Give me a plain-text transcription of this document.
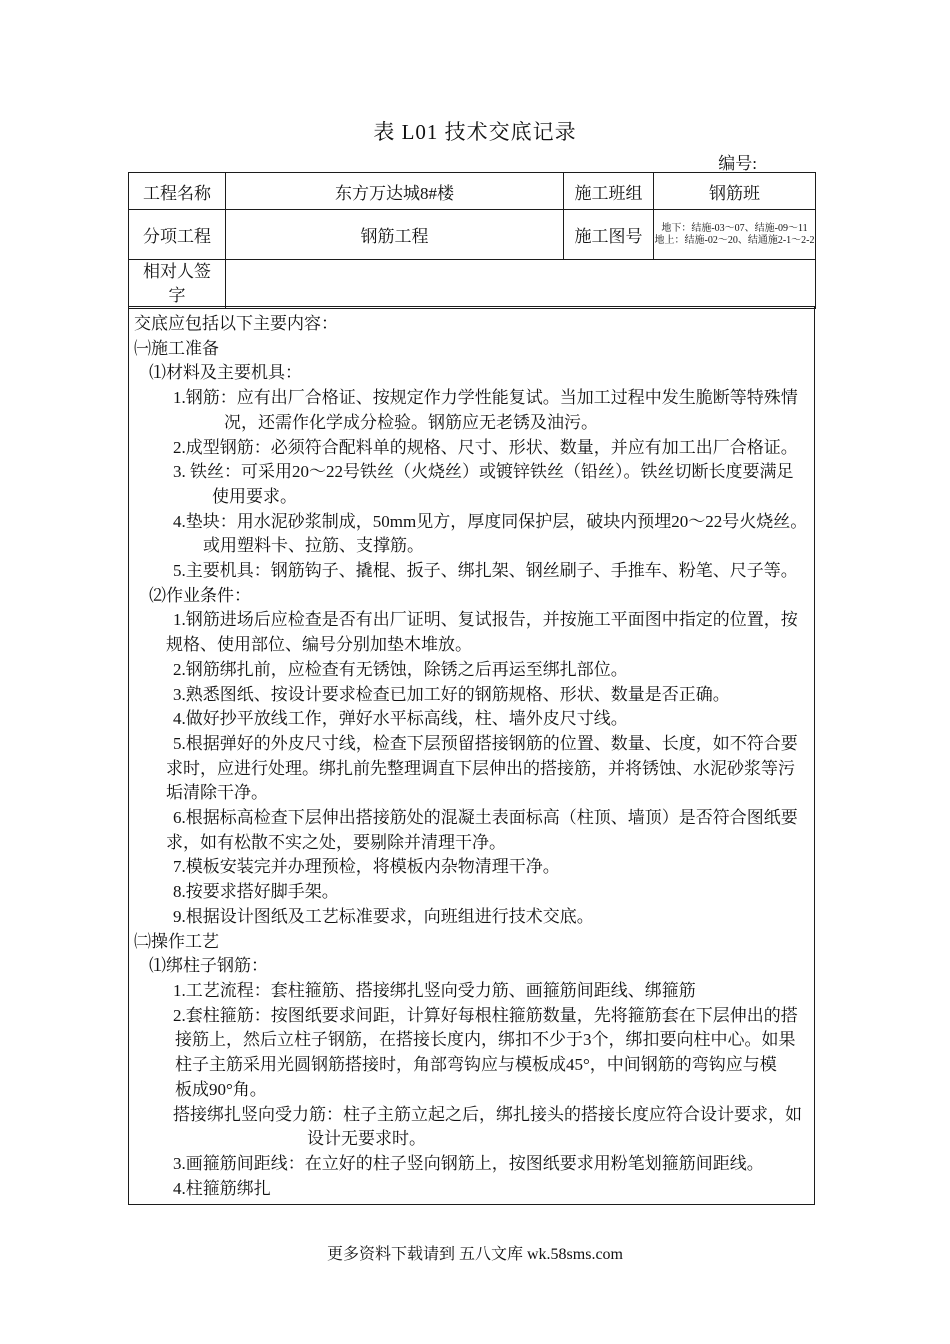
表 L01 技术交底记录
编号:
工程名称	东方万达城8#楼	施工班组	钢筋班
分项工程	钢筋工程	施工图号	地下：结施-03～07、结施-09～11
地上：结施-02～20、结通施2-1～2-2

相对人签字			
交底应包括以下主要内容：
㈠施工准备
⑴材料及主要机具：
1.钢筋：应有出厂合格证、按规定作力学性能复试。当加工过程中发生脆断等特殊情
况，还需作化学成分检验。钢筋应无老锈及油污。
2.成型钢筋：必须符合配料单的规格、尺寸、形状、数量，并应有加工出厂合格证。
3. 铁丝：可采用20～22号铁丝（火烧丝）或镀锌铁丝（铅丝）。铁丝切断长度要满足
使用要求。
4.垫块：用水泥砂浆制成，50mm见方，厚度同保护层，破块内预埋20～22号火烧丝。
或用塑料卡、拉筋、支撑筋。
5.主要机具：钢筋钩子、撬棍、扳子、绑扎架、钢丝刷子、手推车、粉笔、尺子等。
⑵作业条件：
1.钢筋进场后应检查是否有出厂证明、复试报告，并按施工平面图中指定的位置，按
规格、使用部位、编号分别加垫木堆放。
2.钢筋绑扎前，应检查有无锈蚀，除锈之后再运至绑扎部位。
3.熟悉图纸、按设计要求检查已加工好的钢筋规格、形状、数量是否正确。
4.做好抄平放线工作，弹好水平标高线，柱、墙外皮尺寸线。
5.根据弹好的外皮尺寸线，检查下层预留搭接钢筋的位置、数量、长度，如不符合要
求时，应进行处理。绑扎前先整理调直下层伸出的搭接筋，并将锈蚀、水泥砂浆等污
垢清除干净。
6.根据标高检查下层伸出搭接筋处的混凝土表面标高（柱顶、墙顶）是否符合图纸要
求，如有松散不实之处，要剔除并清理干净。
7.模板安装完并办理预检，将模板内杂物清理干净。
8.按要求搭好脚手架。
9.根据设计图纸及工艺标准要求，向班组进行技术交底。
㈡操作工艺
⑴绑柱子钢筋：
1.工艺流程：套柱箍筋、搭接绑扎竖向受力筋、画箍筋间距线、绑箍筋
2.套柱箍筋：按图纸要求间距，计算好每根柱箍筋数量，先将箍筋套在下层伸出的搭
接筋上，然后立柱子钢筋，在搭接长度内，绑扣不少于3个，绑扣要向柱中心。如果
柱子主筋采用光圆钢筋搭接时，角部弯钩应与模板成45°，中间钢筋的弯钩应与模
板成90°角。
搭接绑扎竖向受力筋：柱子主筋立起之后，绑扎接头的搭接长度应符合设计要求，如
设计无要求时。
3.画箍筋间距线：在立好的柱子竖向钢筋上，按图纸要求用粉笔划箍筋间距线。
4.柱箍筋绑扎
更多资料下载请到 五八文库 wk.58sms.com
